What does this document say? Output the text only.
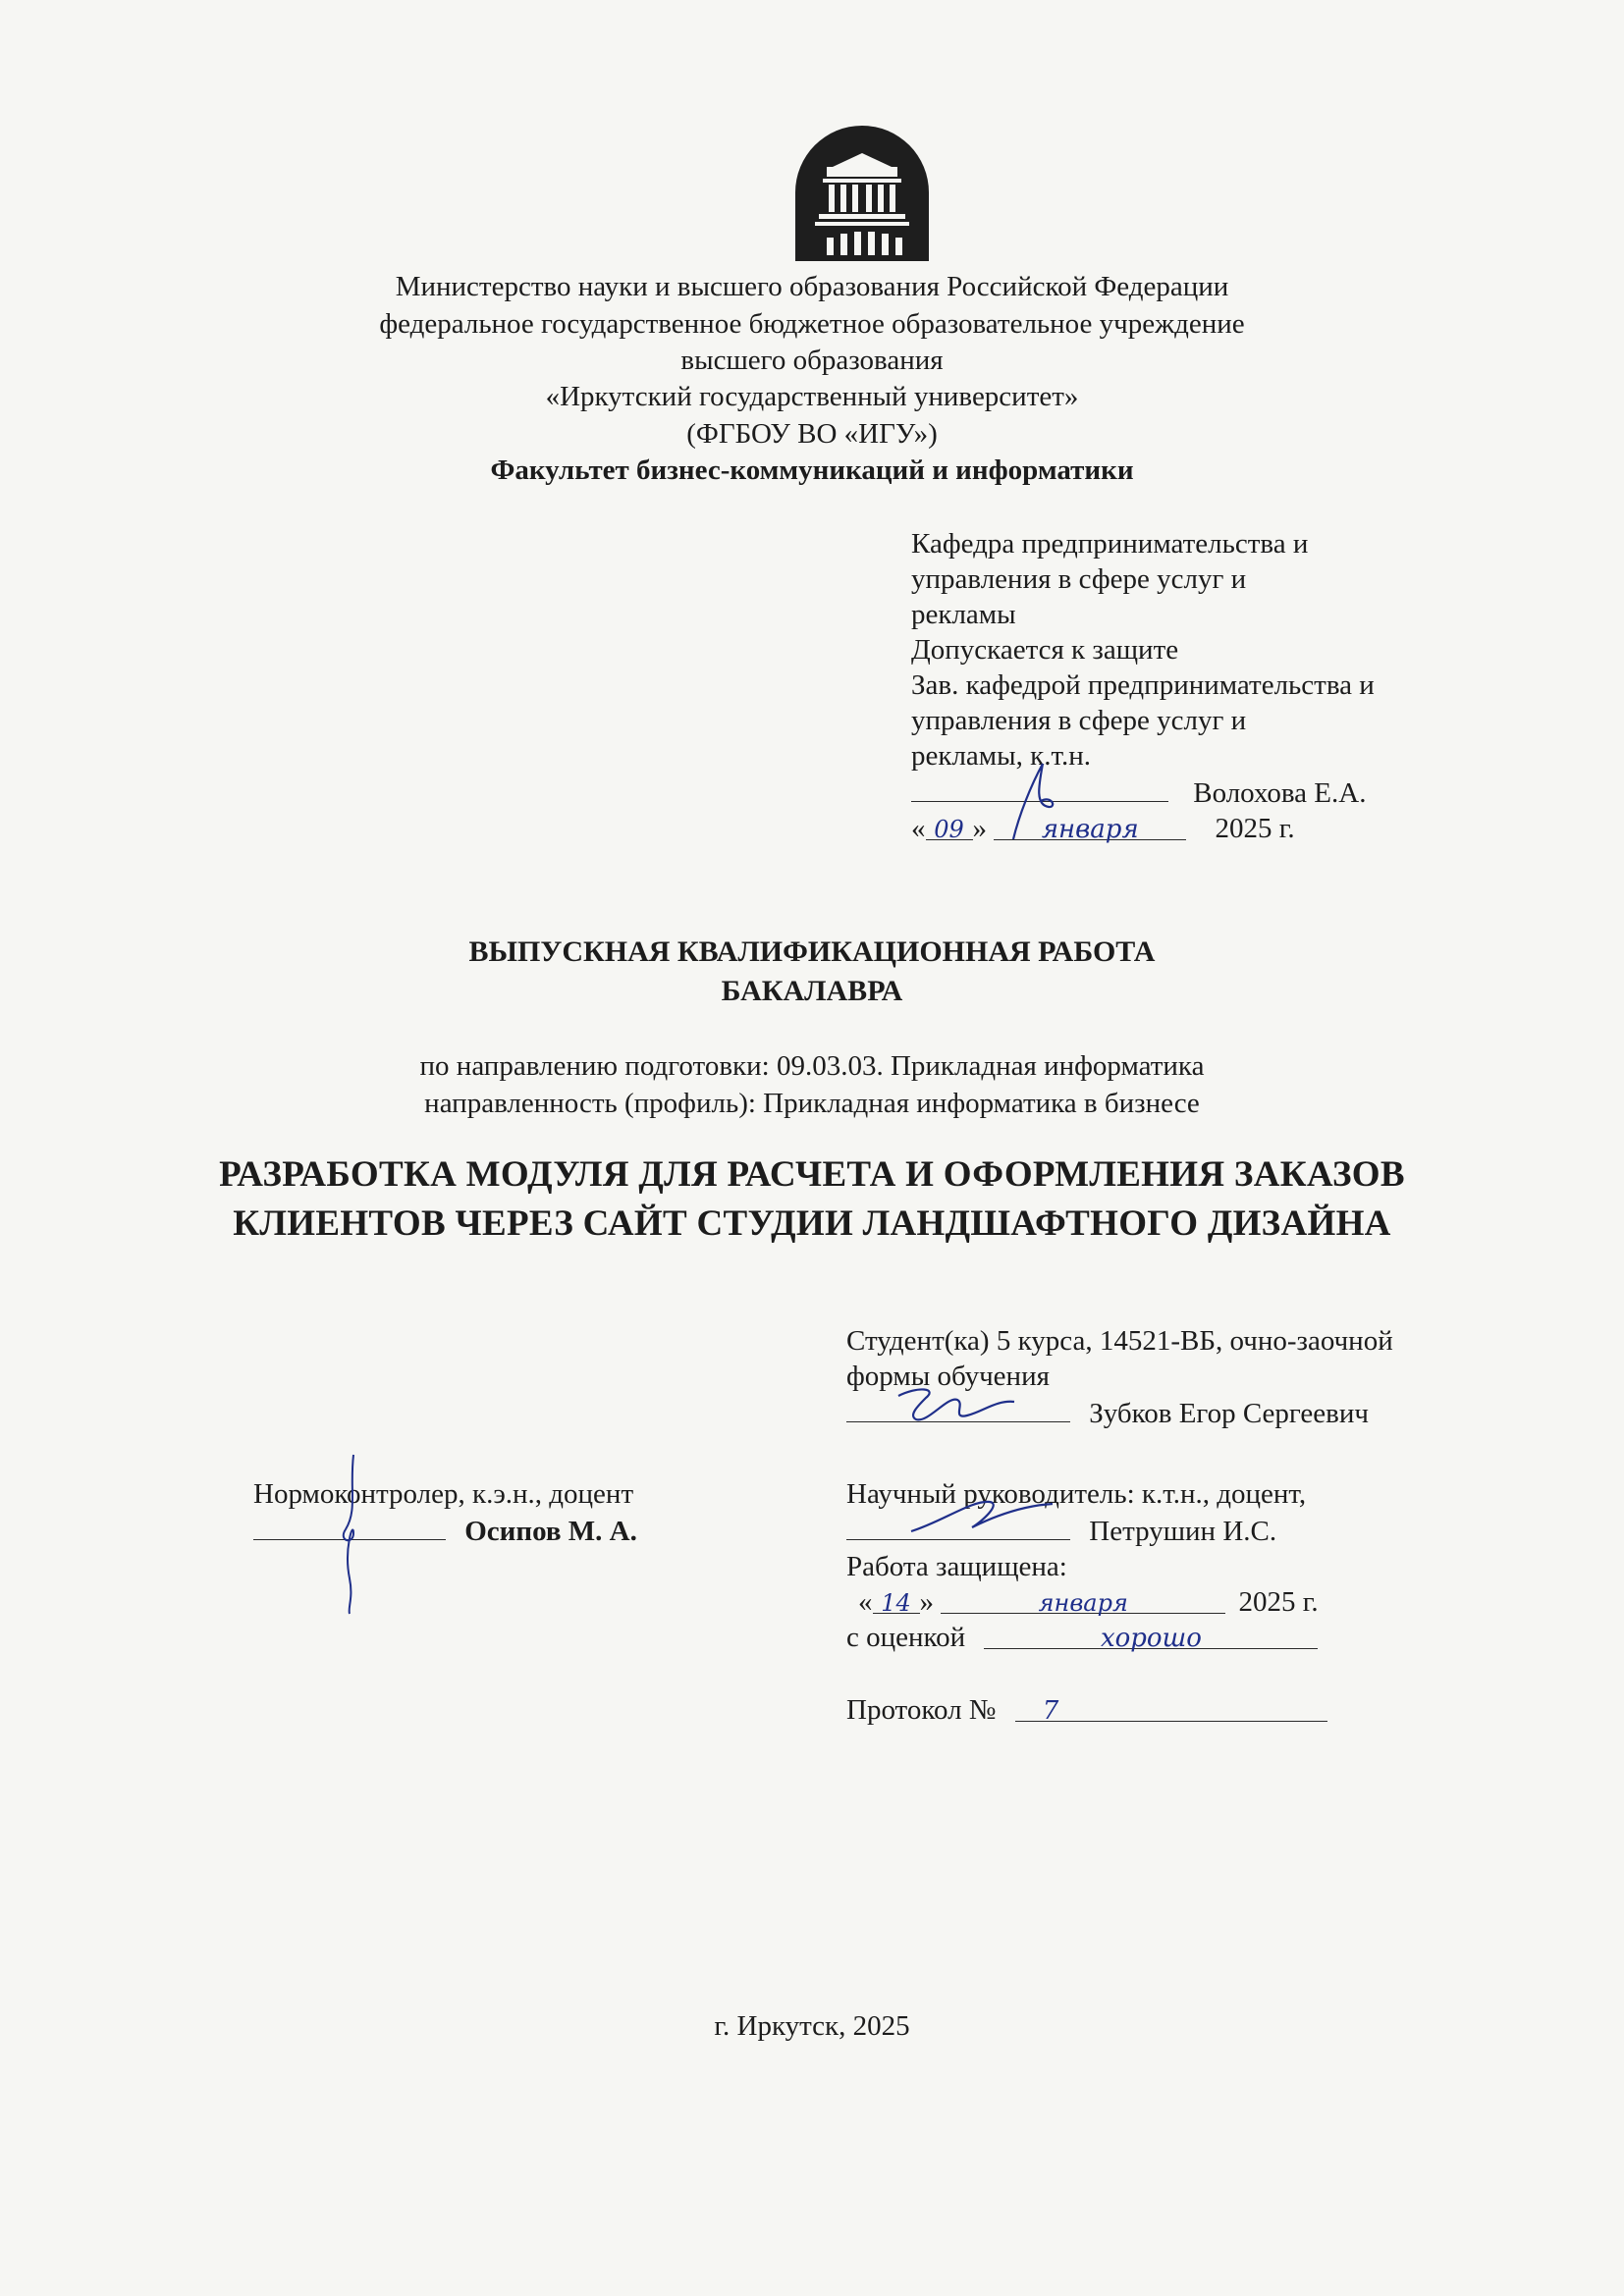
Министерство науки и высшего образования Российской Федерации
федеральное государственное бюджетное образовательное учреждение
высшего образования
«Иркутский государственный университет»
(ФГБОУ ВО «ИГУ»)
Факультет бизнес-коммуникаций и информатики
Кафедра предпринимательства и
управления в сфере услуг и
рекламы
Допускается к защите
Зав. кафедрой предпринимательства и
управления в сфере услуг и
рекламы, к.т.н.
Волохова Е.А.
« 09 » января	2025 г.
ВЫПУСКНАЯ КВАЛИФИКАЦИОННАЯ РАБОТА
БАКАЛАВРА
по направлению подготовки: 09.03.03. Прикладная информатика
направленность (профиль): Прикладная информатика в бизнесе
РАЗРАБОТКА МОДУЛЯ ДЛЯ РАСЧЕТА И ОФОРМЛЕНИЯ ЗАКАЗОВ
КЛИЕНТОВ ЧЕРЕЗ САЙТ СТУДИИ ЛАНДШАФТНОГО ДИЗАЙНА
Студент(ка) 5 курса, 14521-ВБ, очно-заочной
формы обучения
Зубков Егор Сергеевич
Нормоконтролер, к.э.н., доцент
Осипов М. А.
Научный руководитель: к.т.н., доцент,
Петрушин И.С.
Работа защищена:
« 14 »	января	2025 г.
с оценкой	хорошо
Протокол № 7
г. Иркутск, 2025
